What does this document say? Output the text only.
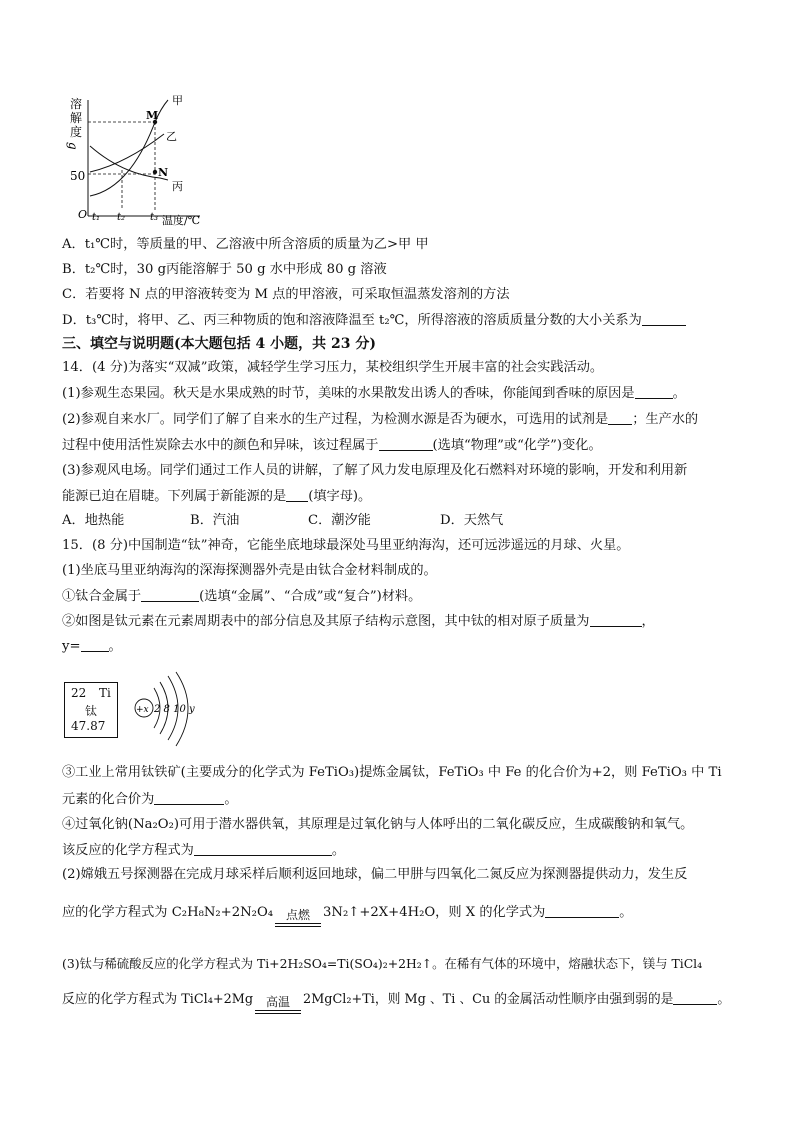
溶
解
度
g
50
O t₁ t₂ t₃ 温度/℃
M
N
甲
乙
丙
A．t₁℃时，等质量的甲、乙溶液中所含溶质的质量为乙>甲 甲
B．t₂℃时，30 g丙能溶解于 50 g 水中形成 80 g 溶液
C．若要将 N 点的甲溶液转变为 M 点的甲溶液，可采取恒温蒸发溶剂的方法
D．t₃℃时，将甲、乙、丙三种物质的饱和溶液降温至 t₂℃，所得溶液的溶质质量分数的大小关系为
三、填空与说明题(本大题包括 4 小题，共 23 分)
14．(4 分)为落实“双减”政策，减轻学生学习压力，某校组织学生开展丰富的社会实践活动。
(1)参观生态果园。秋天是水果成熟的时节，美味的水果散发出诱人的香味，你能闻到香味的原因是	。
(2)参观自来水厂。同学们了解了自来水的生产过程，为检测水源是否为硬水，可选用的试剂是 ；生产水的
过程中使用活性炭除去水中的颜色和异味，该过程属于	(选填“物理”或“化学”)变化。
(3)参观风电场。同学们通过工作人员的讲解，了解了风力发电原理及化石燃料对环境的影响，开发和利用新
能源已迫在眉睫。下列属于新能源的是 (填字母)。
A．地热能	B．汽油	C．潮汐能	D．天然气
15．(8 分)中国制造“钛”神奇，它能坐底地球最深处马里亚纳海沟，还可远涉遥远的月球、火星。
(1)坐底马里亚纳海沟的深海探测器外壳是由钛合金材料制成的。
①钛合金属于	(选填“金属”、“合成”或“复合”)材料。
②如图是钛元素在元素周期表中的部分信息及其原子结构示意图，其中钛的相对原子质量为	，
y= 。
22 Ti
钛
47.87
+x 2 8 10 y
③工业上常用钛铁矿(主要成分的化学式为 FeTiO₃)提炼金属钛，FeTiO₃ 中 Fe 的化合价为+2，则 FeTiO₃ 中 Ti
元素的化合价为	。
④过氧化钠(Na₂O₂)可用于潜水器供氧，其原理是过氧化钠与人体呼出的二氧化碳反应，生成碳酸钠和氧气。
该反应的化学方程式为	。
(2)嫦娥五号探测器在完成月球采样后顺利返回地球，偏二甲肼与四氧化二氮反应为探测器提供动力，发生反
应的化学方程式为 C₂H₈N₂+2N₂O₄ 点燃 3N₂↑+2X+4H₂O，则 X 的化学式为	。
(3)钛与稀硫酸反应的化学方程式为 Ti+2H₂SO₄=Ti(SO₄)₂+2H₂↑。在稀有气体的环境中，熔融状态下，镁与 TiCl₄
反应的化学方程式为 TiCl₄+2Mg 高温 2MgCl₂+Ti，则 Mg 、Ti 、Cu 的金属活动性顺序由强到弱的是	。
